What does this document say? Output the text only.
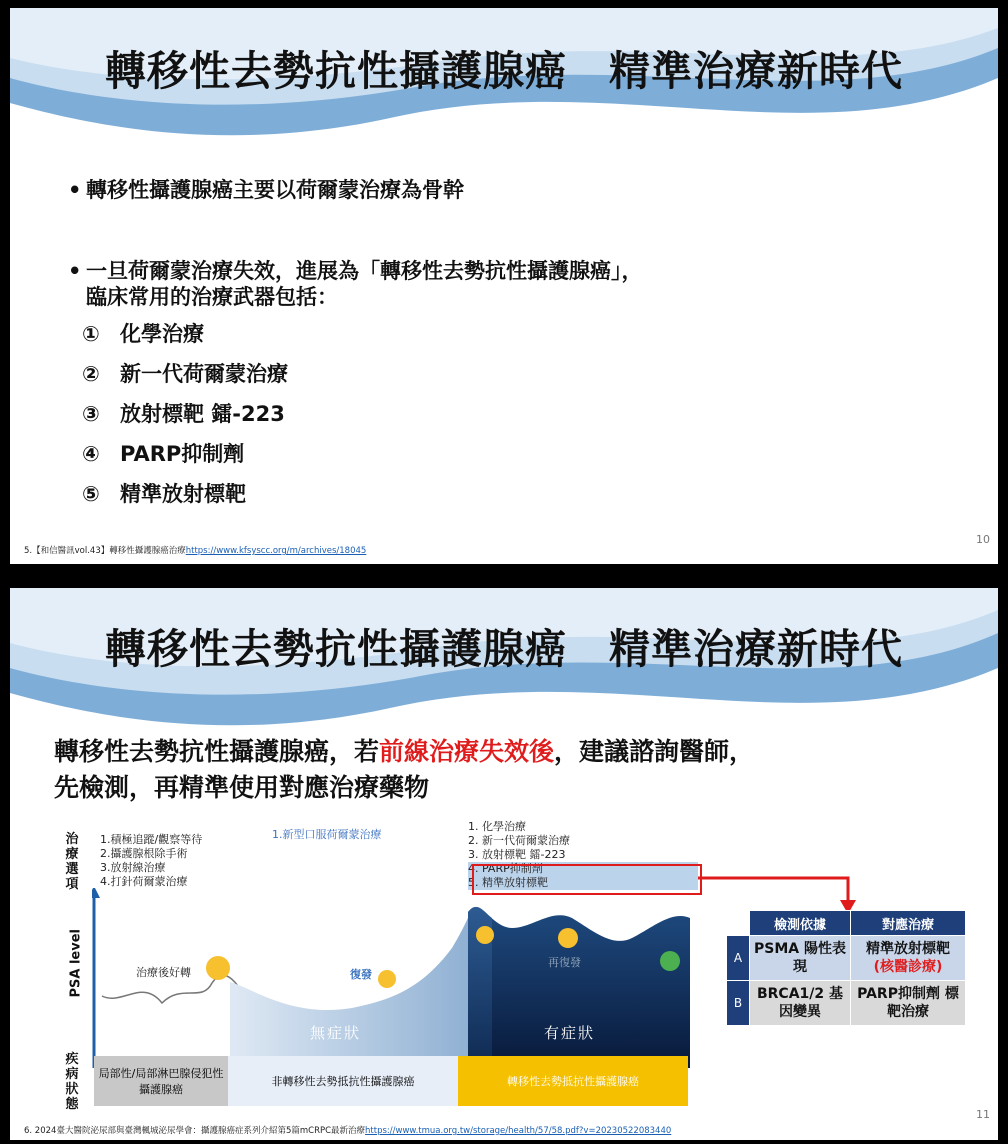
轉移性去勢抗性攝護腺癌　精準治療新時代
• 轉移性攝護腺癌主要以荷爾蒙治療為骨幹
• 一旦荷爾蒙治療失效，進展為「轉移性去勢抗性攝護腺癌」，
臨床常用的治療武器包括：
① 化學治療
② 新一代荷爾蒙治療
③ 放射標靶 鐳-223
④ PARP抑制劑
⑤ 精準放射標靶
5.【和信醫訊vol.43】轉移性攝護腺癌治療https://www.kfsyscc.org/m/archives/18045
10
轉移性去勢抗性攝護腺癌　精準治療新時代
轉移性去勢抗性攝護腺癌，若前線治療失效後，建議諮詢醫師，
先檢測，再精準使用對應治療藥物
治療選項
疾病狀態
PSA level
1.積極追蹤/觀察等待
2.攝護腺根除手術
3.放射線治療
4.打針荷爾蒙治療
1.新型口服荷爾蒙治療
1. 化學治療
2. 新一代荷爾蒙治療
3. 放射標靶 鐳-223
4. PARP抑制劑
5. 精準放射標靶
無症狀	有症狀
治療後好轉	復發
再復發
局部性/局部淋巴腺侵犯性攝護腺癌
非轉移性去勢抵抗性攝護腺癌	轉移性去勢抵抗性攝護腺癌
	檢測依據	對應治療
A	PSMA 陽性表現	精準放射標靶
(核醫診療)
B	BRCA1/2 基因變異	PARP抑制劑 標靶治療
6. 2024臺大醫院泌尿部與臺灣楓城泌尿學會：攝護腺癌症系列介紹第5篇mCRPC最新治療https://www.tmua.org.tw/storage/health/57/58.pdf?v=20230522083440
11
